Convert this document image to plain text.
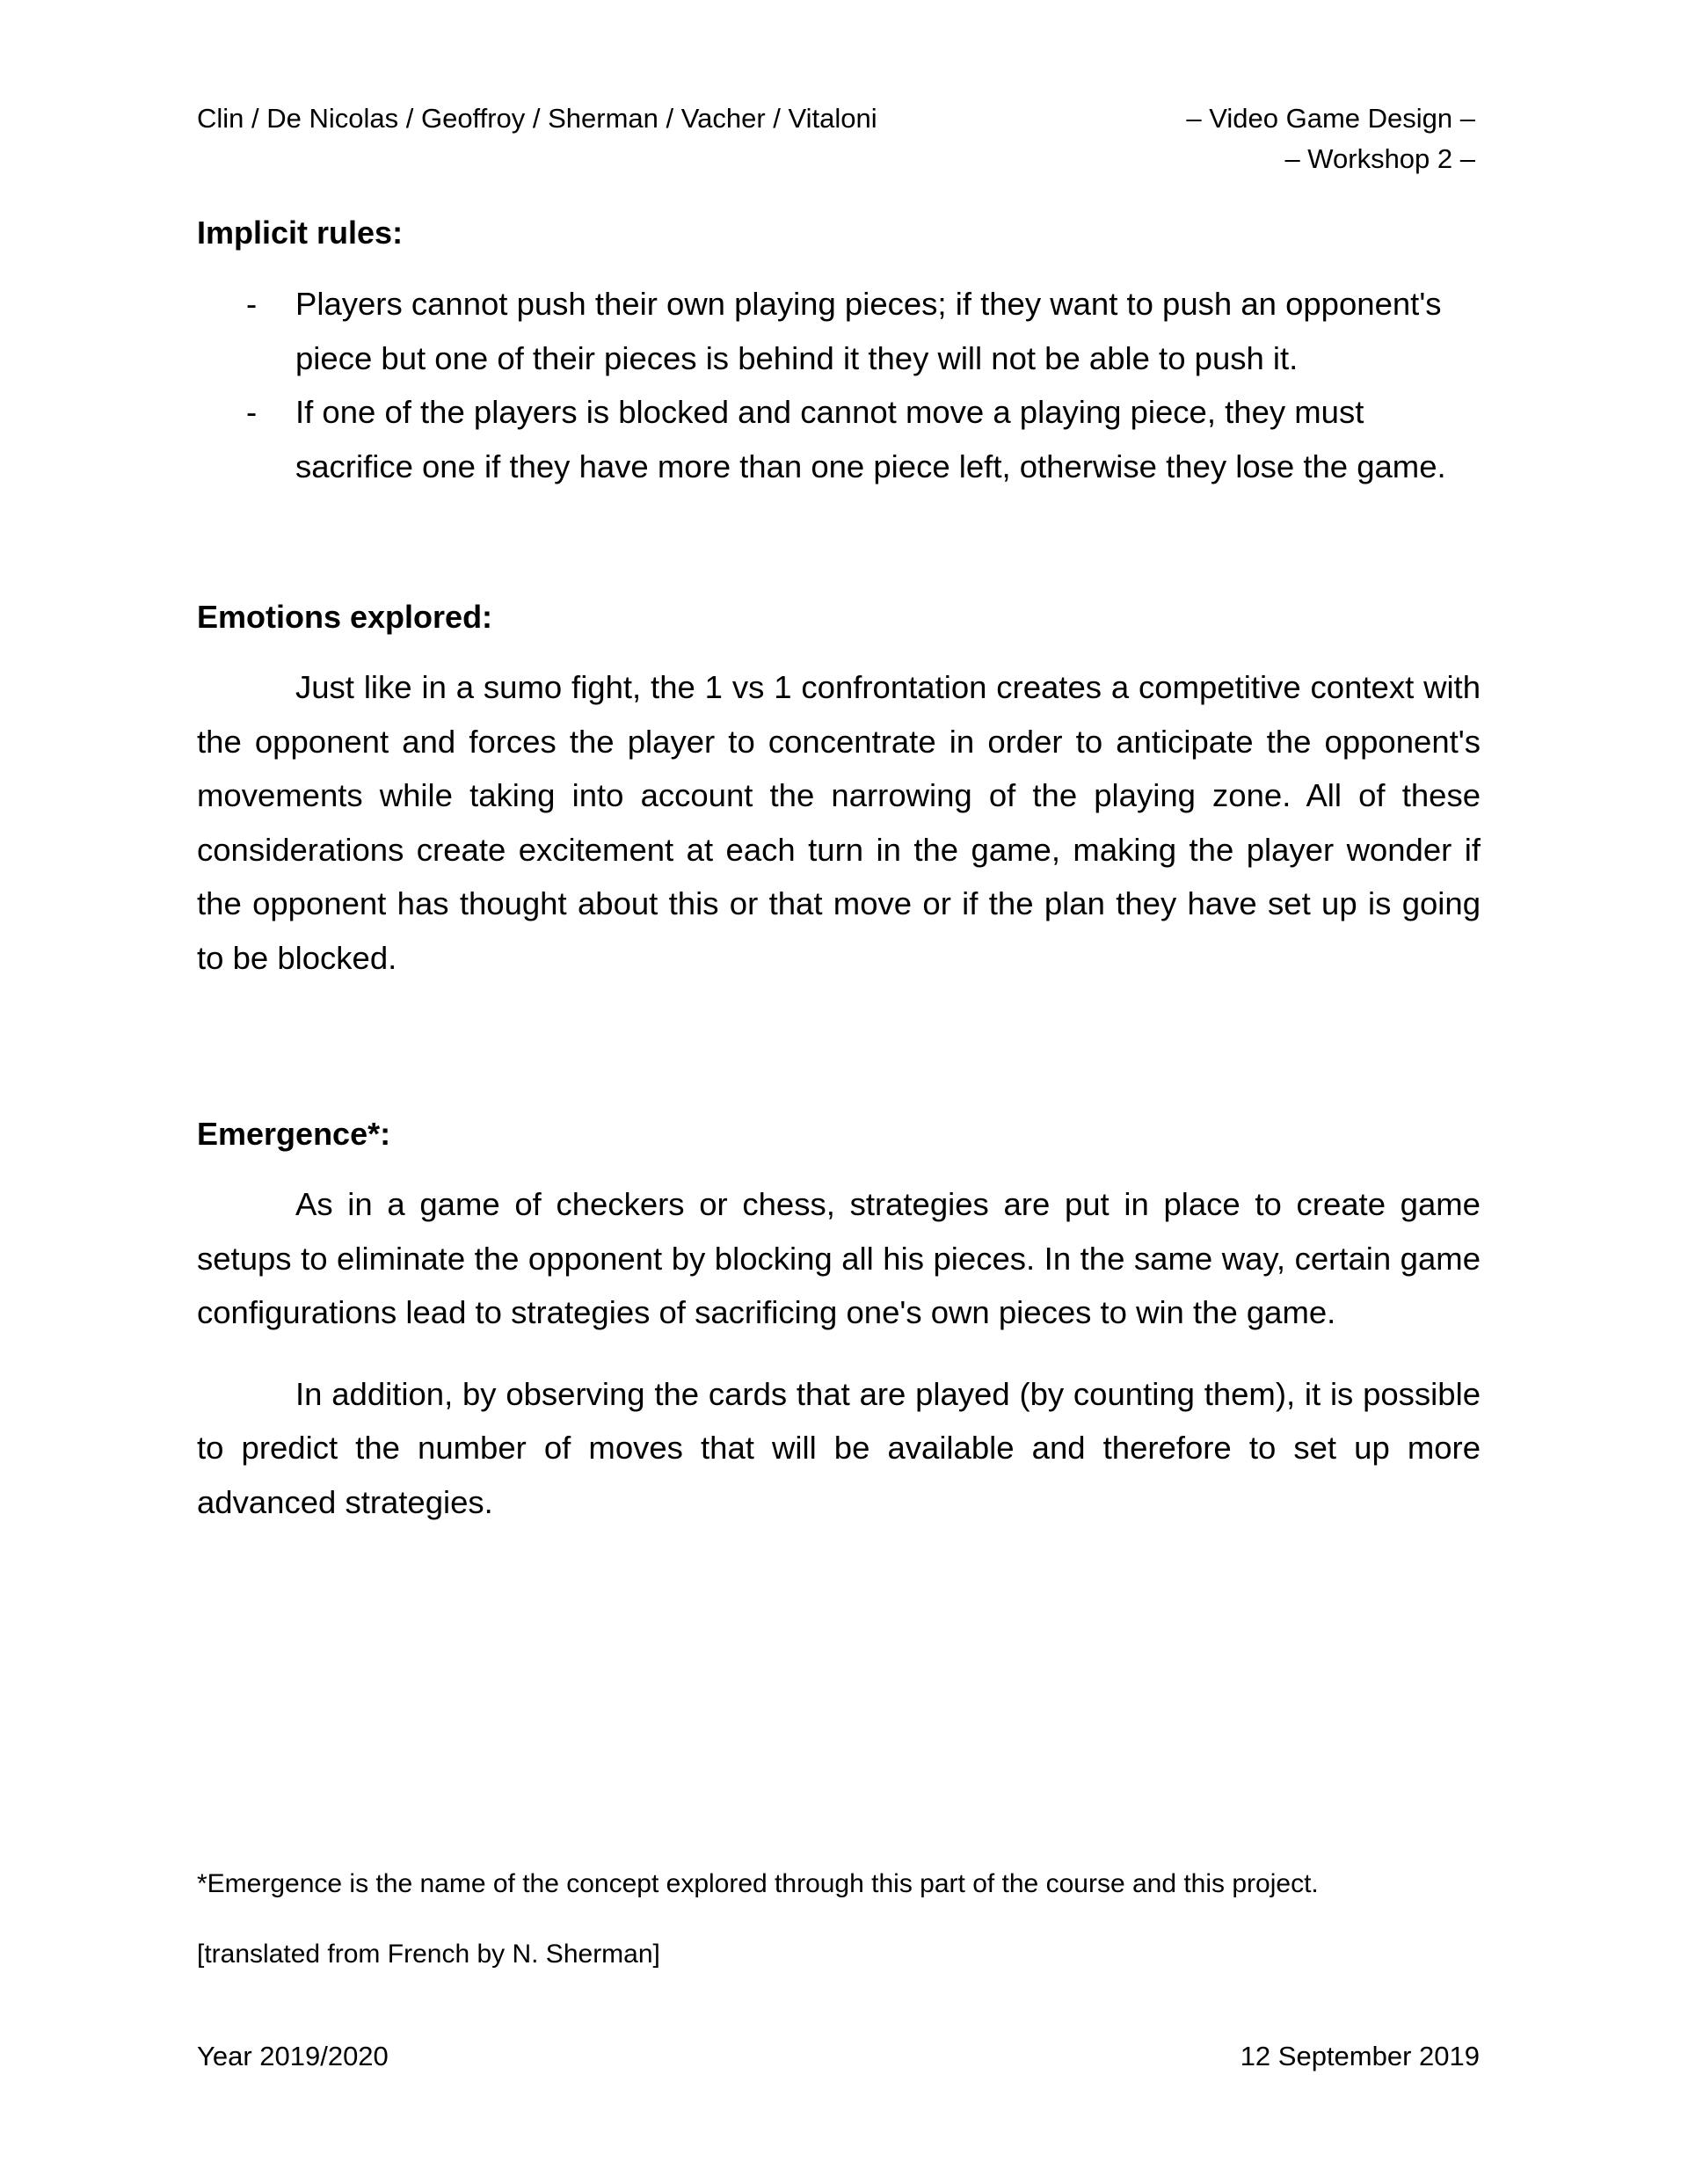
Clin / De Nicolas / Geoffroy / Sherman / Vacher / Vitaloni	– Video Game Design –
– Workshop 2 –
Implicit rules:
- Players cannot push their own playing pieces; if they want to push an opponent's piece but one of their pieces is behind it they will not be able to push it.
- If one of the players is blocked and cannot move a playing piece, they must sacrifice one if they have more than one piece left, otherwise they lose the game.
Emotions explored:

Just like in a sumo fight, the 1 vs 1 confrontation creates a competitive context with the opponent and forces the player to concentrate in order to anticipate the opponent's movements while taking into account the narrowing of the playing zone. All of these considerations create excitement at each turn in the game, making the player wonder if the opponent has thought about this or that move or if the plan they have set up is going to be blocked.

Emergence*:

As in a game of checkers or chess, strategies are put in place to create game setups to eliminate the opponent by blocking all his pieces. In the same way, certain game configurations lead to strategies of sacrificing one's own pieces to win the game.

In addition, by observing the cards that are played (by counting them), it is possible to predict the number of moves that will be available and therefore to set up more advanced strategies.

*Emergence is the name of the concept explored through this part of the course and this project.
[translated from French by N. Sherman]
Year 2019/2020	12 September 2019
